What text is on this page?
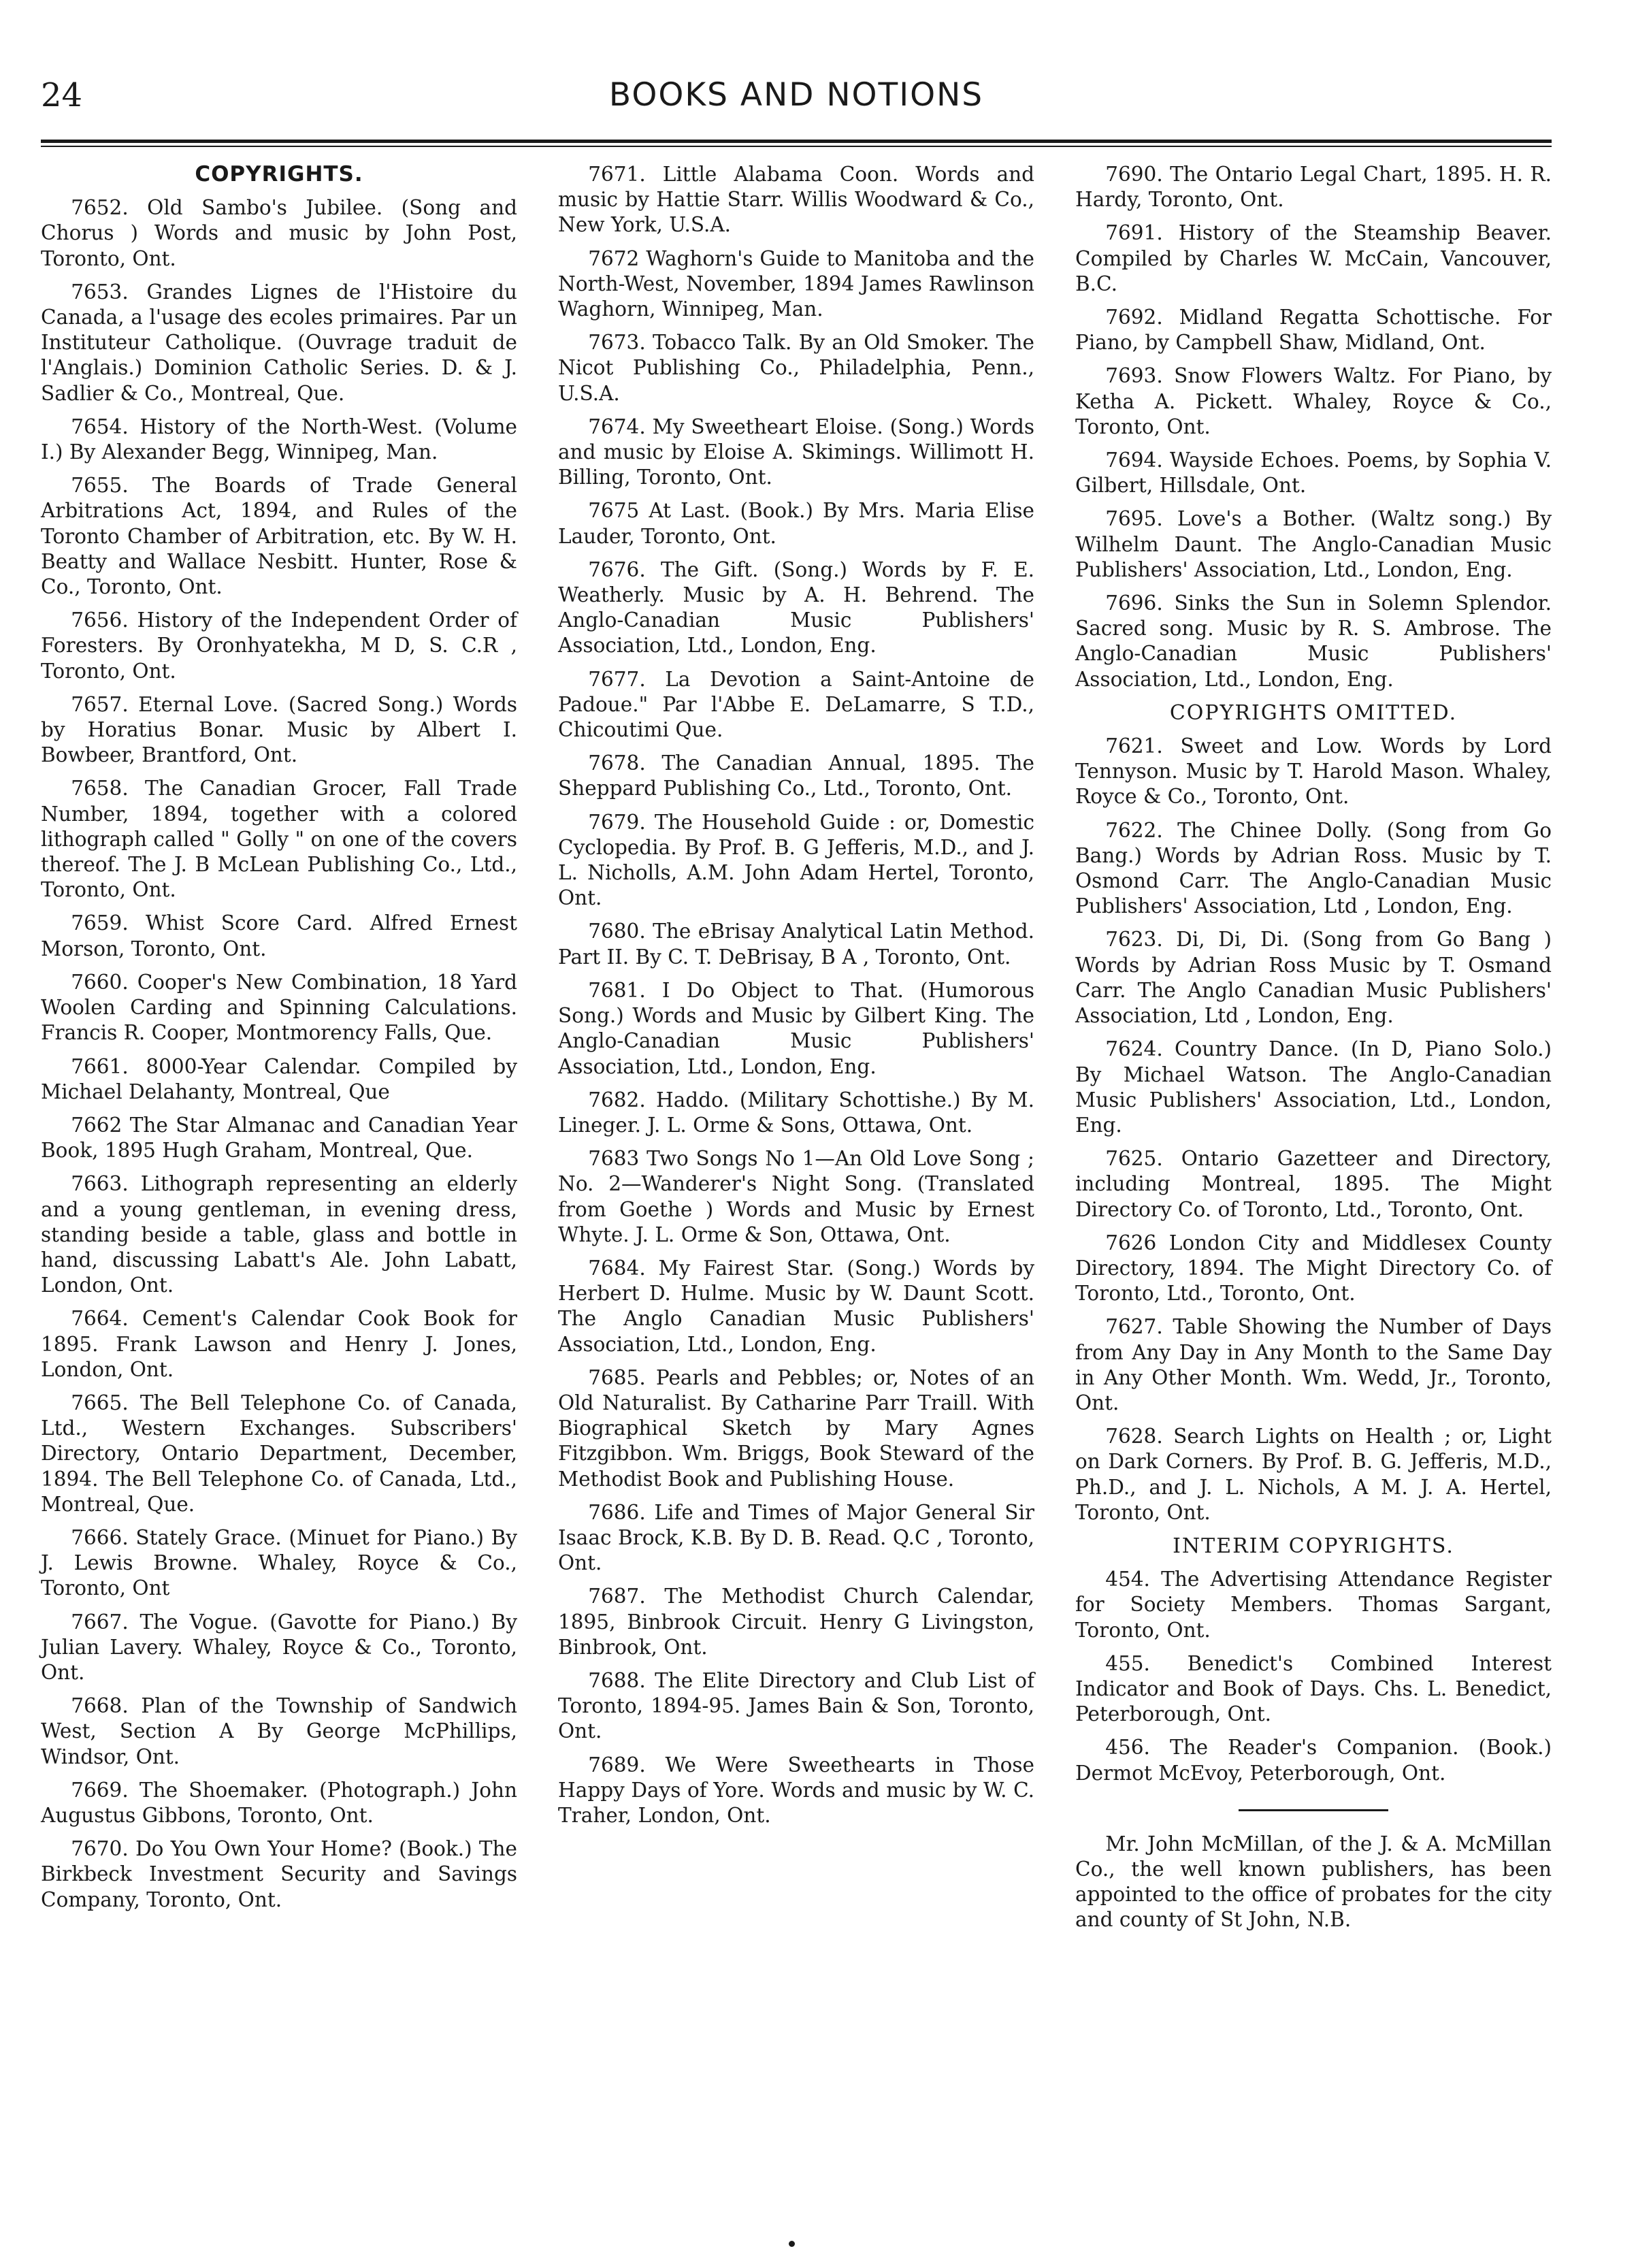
24	BOOKS AND NOTIONS
COPYRIGHTS.

7652. Old Sambo's Jubilee. (Song and Chorus ) Words and music by John Post, Toronto, Ont.

7653. Grandes Lignes de l'Histoire du Canada, a l'usage des ecoles primaires. Par un Instituteur Catholique. (Ouvrage traduit de l'Anglais.) Dominion Catholic Series. D. & J. Sadlier & Co., Montreal, Que.

7654. History of the North-West. (Volume I.) By Alexander Begg, Winnipeg, Man.

7655. The Boards of Trade General Arbitrations Act, 1894, and Rules of the Toronto Chamber of Arbitration, etc. By W. H. Beatty and Wallace Nesbitt. Hunter, Rose & Co., Toronto, Ont.

7656. History of the Independent Order of Foresters. By Oronhyatekha, M D, S. C.R , Toronto, Ont.

7657. Eternal Love. (Sacred Song.) Words by Horatius Bonar. Music by Albert I. Bowbeer, Brantford, Ont.

7658. The Canadian Grocer, Fall Trade Number, 1894, together with a colored lithograph called " Golly " on one of the covers thereof. The J. B McLean Publishing Co., Ltd., Toronto, Ont.

7659. Whist Score Card. Alfred Ernest Morson, Toronto, Ont.

7660. Cooper's New Combination, 18 Yard Woolen Carding and Spinning Calculations. Francis R. Cooper, Montmorency Falls, Que.

7661. 8000-Year Calendar. Compiled by Michael Delahanty, Montreal, Que

7662 The Star Almanac and Canadian Year Book, 1895 Hugh Graham, Montreal, Que.

7663. Lithograph representing an elderly and a young gentleman, in evening dress, standing beside a table, glass and bottle in hand, discussing Labatt's Ale. John Labatt, London, Ont.

7664. Cement's Calendar Cook Book for 1895. Frank Lawson and Henry J. Jones, London, Ont.

7665. The Bell Telephone Co. of Canada, Ltd., Western Exchanges. Subscribers' Directory, Ontario Department, December, 1894. The Bell Telephone Co. of Canada, Ltd., Montreal, Que.

7666. Stately Grace. (Minuet for Piano.) By J. Lewis Browne. Whaley, Royce & Co., Toronto, Ont

7667. The Vogue. (Gavotte for Piano.) By Julian Lavery. Whaley, Royce & Co., Toronto, Ont.

7668. Plan of the Township of Sandwich West, Section A By George McPhillips, Windsor, Ont.

7669. The Shoemaker. (Photograph.) John Augustus Gibbons, Toronto, Ont.

7670. Do You Own Your Home? (Book.) The Birkbeck Investment Security and Savings Company, Toronto, Ont.

7671. Little Alabama Coon. Words and music by Hattie Starr. Willis Woodward & Co., New York, U.S.A.

7672 Waghorn's Guide to Manitoba and the North-West, November, 1894 James Rawlinson Waghorn, Winnipeg, Man.

7673. Tobacco Talk. By an Old Smoker. The Nicot Publishing Co., Philadelphia, Penn., U.S.A.

7674. My Sweetheart Eloise. (Song.) Words and music by Eloise A. Skimings. Willimott H. Billing, Toronto, Ont.

7675 At Last. (Book.) By Mrs. Maria Elise Lauder, Toronto, Ont.

7676. The Gift. (Song.) Words by F. E. Weatherly. Music by A. H. Behrend. The Anglo-Canadian Music Publishers' Association, Ltd., London, Eng.

7677. La Devotion a Saint-Antoine de Padoue." Par l'Abbe E. DeLamarre, S T.D., Chicoutimi Que.

7678. The Canadian Annual, 1895. The Sheppard Publishing Co., Ltd., Toronto, Ont.

7679. The Household Guide : or, Domestic Cyclopedia. By Prof. B. G Jefferis, M.D., and J. L. Nicholls, A.M. John Adam Hertel, Toronto, Ont.

7680. The eBrisay Analytical Latin Method. Part II. By C. T. DeBrisay, B A , Toronto, Ont.

7681. I Do Object to That. (Humorous Song.) Words and Music by Gilbert King. The Anglo-Canadian Music Publishers' Association, Ltd., London, Eng.

7682. Haddo. (Military Schottishe.) By M. Lineger. J. L. Orme & Sons, Ottawa, Ont.

7683 Two Songs No 1—An Old Love Song ; No. 2—Wanderer's Night Song. (Translated from Goethe ) Words and Music by Ernest Whyte. J. L. Orme & Son, Ottawa, Ont.

7684. My Fairest Star. (Song.) Words by Herbert D. Hulme. Music by W. Daunt Scott. The Anglo Canadian Music Publishers' Association, Ltd., London, Eng.

7685. Pearls and Pebbles; or, Notes of an Old Naturalist. By Catharine Parr Traill. With Biographical Sketch by Mary Agnes Fitzgibbon. Wm. Briggs, Book Steward of the Methodist Book and Publishing House.

7686. Life and Times of Major General Sir Isaac Brock, K.B. By D. B. Read. Q.C , Toronto, Ont.

7687. The Methodist Church Calendar, 1895, Binbrook Circuit. Henry G Livingston, Binbrook, Ont.

7688. The Elite Directory and Club List of Toronto, 1894-95. James Bain & Son, Toronto, Ont.

7689. We Were Sweethearts in Those Happy Days of Yore. Words and music by W. C. Traher, London, Ont.

7690. The Ontario Legal Chart, 1895. H. R. Hardy, Toronto, Ont.

7691. History of the Steamship Beaver. Compiled by Charles W. McCain, Vancouver, B.C.

7692. Midland Regatta Schottische. For Piano, by Campbell Shaw, Midland, Ont.

7693. Snow Flowers Waltz. For Piano, by Ketha A. Pickett. Whaley, Royce & Co., Toronto, Ont.

7694. Wayside Echoes. Poems, by Sophia V. Gilbert, Hillsdale, Ont.

7695. Love's a Bother. (Waltz song.) By Wilhelm Daunt. The Anglo-Canadian Music Publishers' Association, Ltd., London, Eng.

7696. Sinks the Sun in Solemn Splendor. Sacred song. Music by R. S. Ambrose. The Anglo-Canadian Music Publishers' Association, Ltd., London, Eng.

COPYRIGHTS OMITTED.

7621. Sweet and Low. Words by Lord Tennyson. Music by T. Harold Mason. Whaley, Royce & Co., Toronto, Ont.

7622. The Chinee Dolly. (Song from Go Bang.) Words by Adrian Ross. Music by T. Osmond Carr. The Anglo-Canadian Music Publishers' Association, Ltd , London, Eng.

7623. Di, Di, Di. (Song from Go Bang ) Words by Adrian Ross Music by T. Osmand Carr. The Anglo Canadian Music Publishers' Association, Ltd , London, Eng.

7624. Country Dance. (In D, Piano Solo.) By Michael Watson. The Anglo-Canadian Music Publishers' Association, Ltd., London, Eng.

7625. Ontario Gazetteer and Directory, including Montreal, 1895. The Might Directory Co. of Toronto, Ltd., Toronto, Ont.

7626 London City and Middlesex County Directory, 1894. The Might Directory Co. of Toronto, Ltd., Toronto, Ont.

7627. Table Showing the Number of Days from Any Day in Any Month to the Same Day in Any Other Month. Wm. Wedd, Jr., Toronto, Ont.

7628. Search Lights on Health ; or, Light on Dark Corners. By Prof. B. G. Jefferis, M.D., Ph.D., and J. L. Nichols, A M. J. A. Hertel, Toronto, Ont.

INTERIM COPYRIGHTS.

454. The Advertising Attendance Register for Society Members. Thomas Sargant, Toronto, Ont.

455. Benedict's Combined Interest Indicator and Book of Days. Chs. L. Benedict, Peterborough, Ont.

456. The Reader's Companion. (Book.) Dermot McEvoy, Peterborough, Ont.

Mr. John McMillan, of the J. & A. McMillan Co., the well known publishers, has been appointed to the office of probates for the city and county of St John, N.B.
